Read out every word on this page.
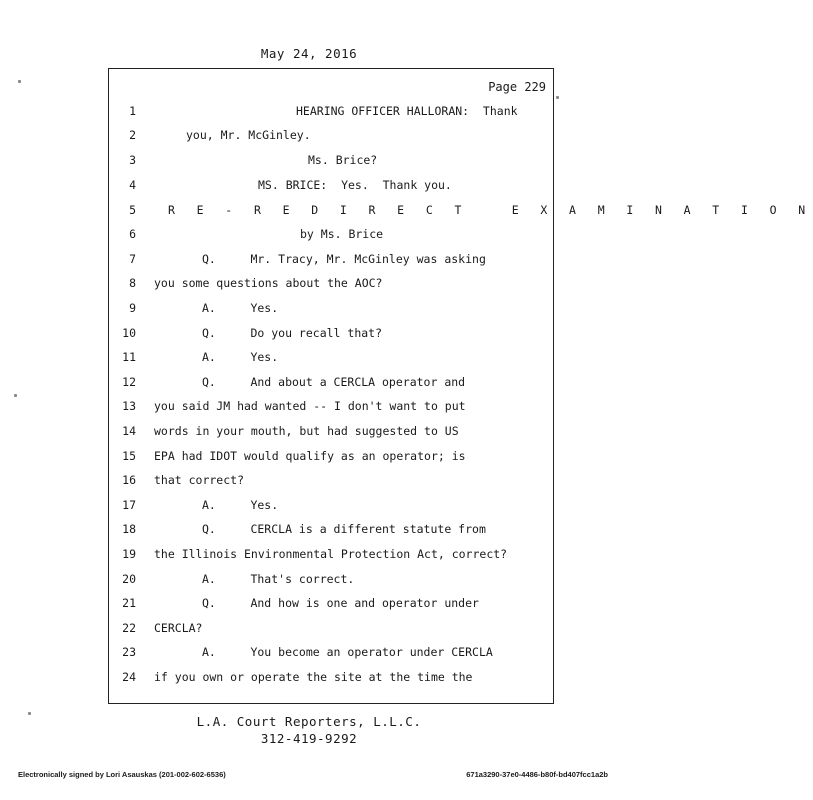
May 24, 2016
Page 229
1	HEARING OFFICER HALLORAN:  Thank
2	you, Mr. McGinley.
3	Ms. Brice?
4	MS. BRICE:  Yes.  Thank you.
5	R E - R E D I R E C T   E X A M I N A T I O N
6	by Ms. Brice
7	Q.     Mr. Tracy, Mr. McGinley was asking
8 you some questions about the AOC?
9	A.     Yes.
10	Q.     Do you recall that?
11	A.     Yes.
12	Q.     And about a CERCLA operator and
13 you said JM had wanted -- I don't want to put
14 words in your mouth, but had suggested to US
15 EPA had IDOT would qualify as an operator; is
16 that correct?
17	A.     Yes.
18	Q.     CERCLA is a different statute from
19 the Illinois Environmental Protection Act, correct?
20	A.     That's correct.
21	Q.     And how is one and operator under
22 CERCLA?
23	A.     You become an operator under CERCLA
24 if you own or operate the site at the time the
L.A. Court Reporters, L.L.C.
312-419-9292
Electronically signed by Lori Asauskas (201-002-602-6536)	671a3290-37e0-4486-b80f-bd407fcc1a2b
